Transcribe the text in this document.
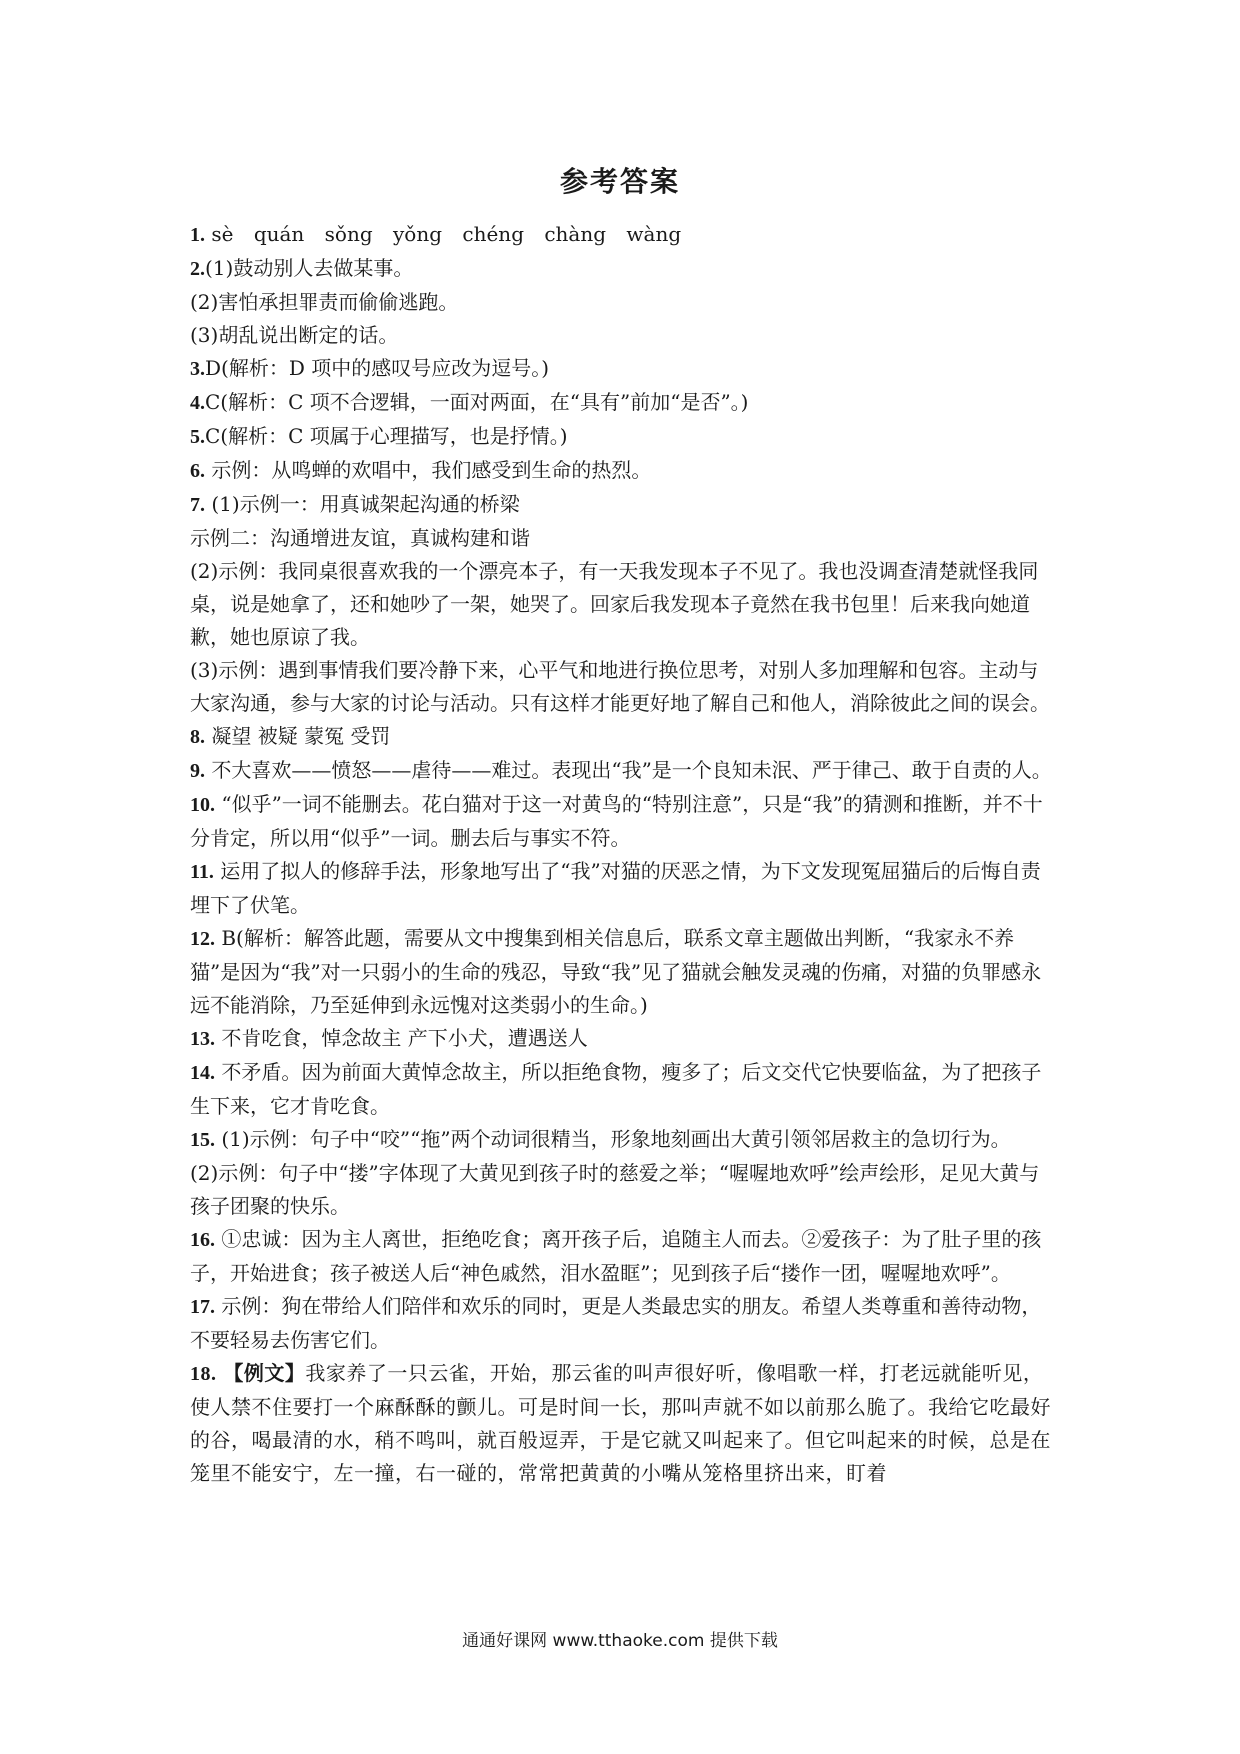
参考答案

1. sè quán sǒng yǒng chéng chàng wàng

2.(1)鼓动别人去做某事。

(2)害怕承担罪责而偷偷逃跑。

(3)胡乱说出断定的话。

3.D(解析：D 项中的感叹号应改为逗号。)

4.C(解析：C 项不合逻辑，一面对两面，在“具有”前加“是否”。)

5.C(解析：C 项属于心理描写，也是抒情。)

6. 示例：从鸣蝉的欢唱中，我们感受到生命的热烈。

7. (1)示例一：用真诚架起沟通的桥梁

示例二：沟通增进友谊，真诚构建和谐

(2)示例：我同桌很喜欢我的一个漂亮本子，有一天我发现本子不见了。我也没调查清楚就怪我同桌，说是她拿了，还和她吵了一架，她哭了。回家后我发现本子竟然在我书包里！后来我向她道歉，她也原谅了我。

(3)示例：遇到事情我们要冷静下来，心平气和地进行换位思考，对别人多加理解和包容。主动与大家沟通，参与大家的讨论与活动。只有这样才能更好地了解自己和他人，消除彼此之间的误会。

8. 凝望 被疑 蒙冤 受罚

9. 不大喜欢——愤怒——虐待——难过。表现出“我”是一个良知未泯、严于律己、敢于自责的人。

10. “似乎”一词不能删去。花白猫对于这一对黄鸟的“特别注意”，只是“我”的猜测和推断，并不十分肯定，所以用“似乎”一词。删去后与事实不符。

11. 运用了拟人的修辞手法，形象地写出了“我”对猫的厌恶之情，为下文发现冤屈猫后的后悔自责埋下了伏笔。

12. B(解析：解答此题，需要从文中搜集到相关信息后，联系文章主题做出判断，“我家永不养猫”是因为“我”对一只弱小的生命的残忍，导致“我”见了猫就会触发灵魂的伤痛，对猫的负罪感永远不能消除，乃至延伸到永远愧对这类弱小的生命。)

13. 不肯吃食，悼念故主 产下小犬，遭遇送人

14. 不矛盾。因为前面大黄悼念故主，所以拒绝食物，瘦多了；后文交代它快要临盆，为了把孩子生下来，它才肯吃食。

15. (1)示例：句子中“咬”“拖”两个动词很精当，形象地刻画出大黄引领邻居救主的急切行为。

(2)示例：句子中“搂”字体现了大黄见到孩子时的慈爱之举；“喔喔地欢呼”绘声绘形，足见大黄与孩子团聚的快乐。

16. ①忠诚：因为主人离世，拒绝吃食；离开孩子后，追随主人而去。②爱孩子：为了肚子里的孩子，开始进食；孩子被送人后“神色戚然，泪水盈眶”；见到孩子后“搂作一团，喔喔地欢呼”。

17. 示例：狗在带给人们陪伴和欢乐的同时，更是人类最忠实的朋友。希望人类尊重和善待动物，不要轻易去伤害它们。

18. 【例文】我家养了一只云雀，开始，那云雀的叫声很好听，像唱歌一样，打老远就能听见，使人禁不住要打一个麻酥酥的颤儿。可是时间一长，那叫声就不如以前那么脆了。我给它吃最好的谷，喝最清的水，稍不鸣叫，就百般逗弄，于是它就又叫起来了。但它叫起来的时候，总是在笼里不能安宁，左一撞，右一碰的，常常把黄黄的小嘴从笼格里挤出来，盯着

通通好课网 www.tthaoke.com 提供下载
